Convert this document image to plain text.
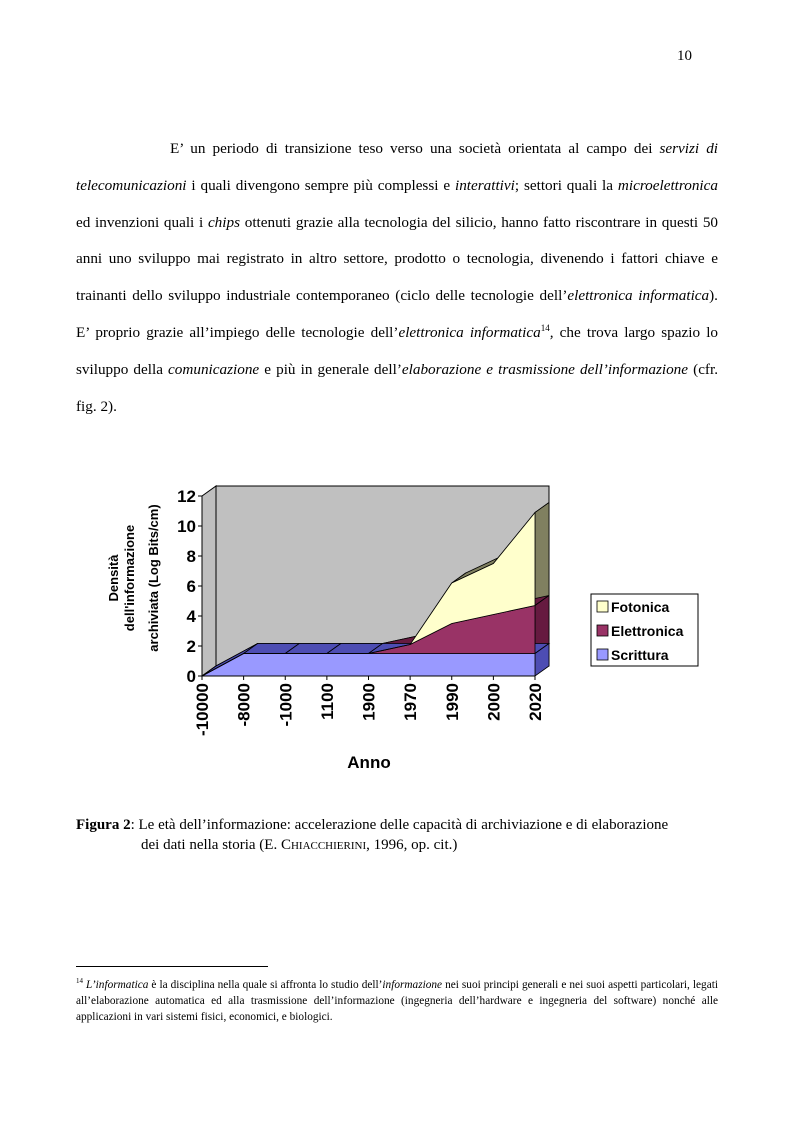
10

E’ un periodo di transizione teso verso una società orientata al campo dei servizi di telecomunicazioni i quali divengono sempre più complessi e interattivi; settori quali la microelettronica ed invenzioni quali i chips ottenuti grazie alla tecnologia del silicio, hanno fatto riscontrare in questi 50 anni uno sviluppo mai registrato in altro settore, prodotto o tecnologia, divenendo i fattori chiave e trainanti dello sviluppo industriale contemporaneo (ciclo delle tecnologie dell’elettronica informatica). E’ proprio grazie all’impiego delle tecnologie dell’elettronica informatica$^{14}$, che trova largo spazio lo sviluppo della comunicazione e più in generale dell’elaborazione e trasmissione dell’informazione (cfr. fig. 2).

0
2
4
6
8
10
12
-10000 -8000 -1000 1100 1900 1970 1990 2000 2020
Densità dell'informazione archiviata (Log Bits/cm)
Anno
Fotonica
Elettronica
Scrittura
Figura 2: Le età dell’informazione: accelerazione delle capacità di archiviazione e di elaborazione
dei dati nella storia (E. Chiacchierini, 1996, op. cit.)

$^{14}$ L’informatica è la disciplina nella quale si affronta lo studio dell’informazione nei suoi principi generali e nei suoi aspetti particolari, legati all’elaborazione automatica ed alla trasmissione dell’informazione (ingegneria dell’hardware e ingegneria del software) nonché alle applicazioni in vari sistemi fisici, economici, e biologici.
